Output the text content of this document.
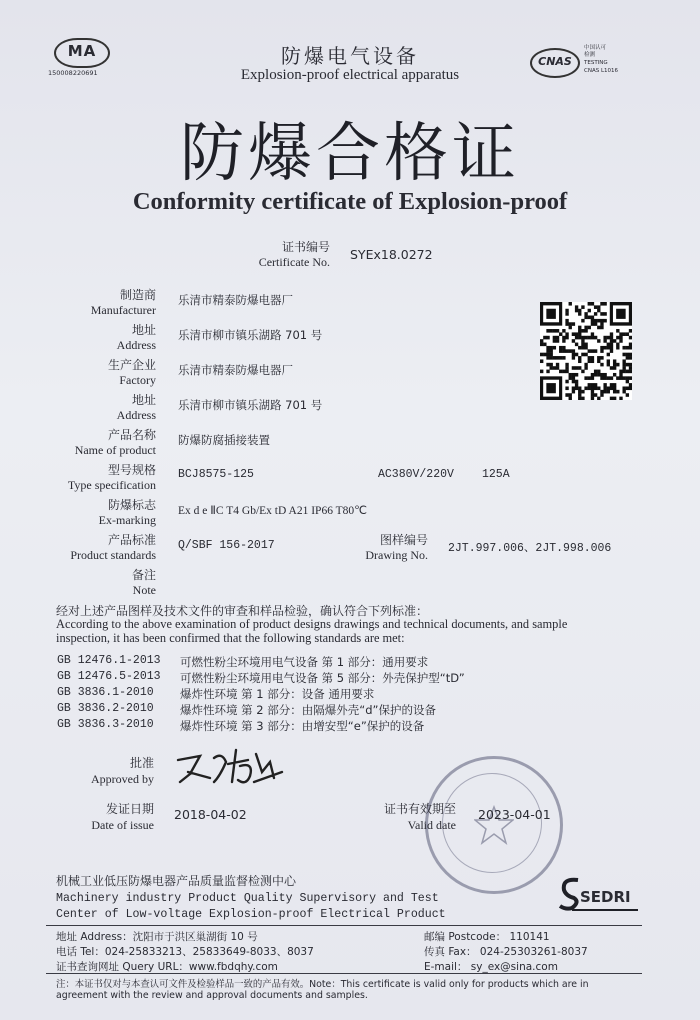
MA
150008220691
防爆电气设备
Explosion-proof electrical apparatus
CNAS
中国认可
检测
TESTING
CNAS L1016
防爆合格证
Conformity certificate of Explosion-proof
证书编号
Certificate No. SYEx18.0272
制造商
Manufacturer
乐清市精泰防爆电器厂
地址
Address
乐清市柳市镇乐湖路 701 号
生产企业
Factory
乐清市精泰防爆电器厂
地址
Address
乐清市柳市镇乐湖路 701 号
产品名称
Name of product
防爆防腐插接装置
型号规格
Type specification
BCJ8575-125	AC380V/220V 125A
防爆标志
Ex-marking
Ex d e ⅡC T4 Gb/Ex tD A21 IP66 T80℃
产品标准
Product standards
Q/SBF 156-2017	图样编号
Drawing No. 2JT.997.006、2JT.998.006
备注
Note
经对上述产品图样及技术文件的审查和样品检验，确认符合下列标准：
According to the above examination of product designs drawings and technical documents, and sample
inspection, it has been confirmed that the following standards are met:
GB 12476.1-2013 可燃性粉尘环境用电气设备 第 1 部分：通用要求
GB 12476.5-2013 可燃性粉尘环境用电气设备 第 5 部分：外壳保护型“tD”
GB 3836.1-2010 爆炸性环境 第 1 部分：设备 通用要求
GB 3836.2-2010 爆炸性环境 第 2 部分：由隔爆外壳“d”保护的设备
GB 3836.3-2010 爆炸性环境 第 3 部分：由增安型“e”保护的设备
批准
Approved by
发证日期
Date of issue
2018-04-02	证书有效期至
Valid date
2023-04-01
机械工业低压防爆电器产品质量监督检测中心
Machinery industry Product Quality Supervisory and Test
Center of Low-voltage Explosion-proof Electrical Product
SEDRI
地址 Address：沈阳市于洪区巢湖街 10 号	邮编 Postcode： 110141
电话 Tel：024-25833213、25833649-8033、8037	传真 Fax： 024-25303261-8037
证书查询网址 Query URL：www.fbdqhy.com	E-mail： sy_ex@sina.com
注：本证书仅对与本查认可文件及检验样品一致的产品有效。Note：This certificate is valid only for products which are in
agreement with the review and approval documents and samples.
